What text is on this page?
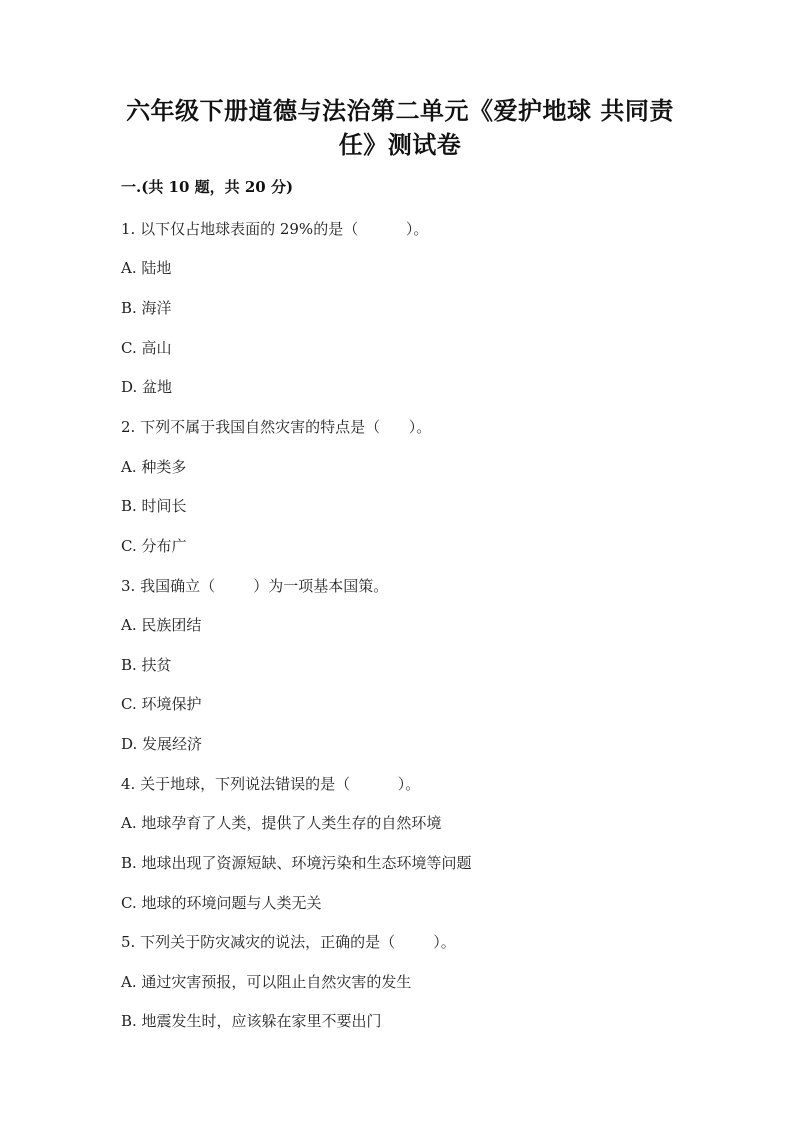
六年级下册道德与法治第二单元《爱护地球 共同责
任》测试卷
一.(共 10 题，共 20 分)
1. 以下仅占地球表面的 29%的是（          ）。
A. 陆地
B. 海洋
C. 高山
D. 盆地
2. 下列不属于我国自然灾害的特点是（      ）。
A. 种类多
B. 时间长
C. 分布广
3. 我国确立（        ）为一项基本国策。
A. 民族团结
B. 扶贫
C. 环境保护
D. 发展经济
4. 关于地球，下列说法错误的是（          ）。
A. 地球孕育了人类，提供了人类生存的自然环境
B. 地球出现了资源短缺、环境污染和生态环境等问题
C. 地球的环境问题与人类无关
5. 下列关于防灾减灾的说法，正确的是（        ）。
A. 通过灾害预报，可以阻止自然灾害的发生
B. 地震发生时，应该躲在家里不要出门
